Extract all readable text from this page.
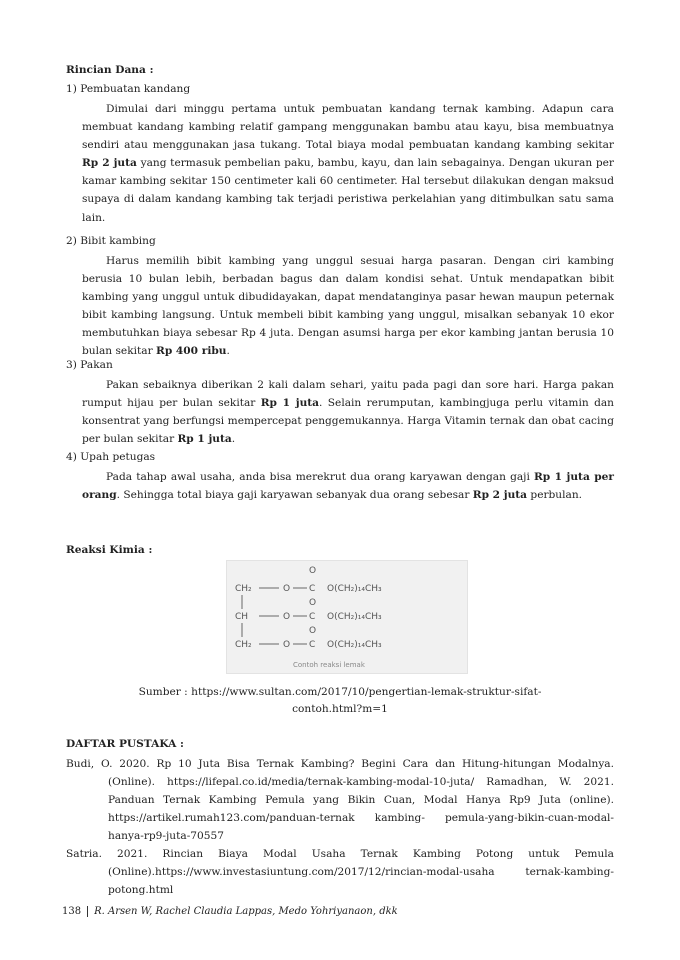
Rincian Dana :
1) Pembuatan kandang
Dimulai dari minggu pertama untuk pembuatan kandang ternak kambing. Adapun cara membuat kandang kambing relatif gampang menggunakan bambu atau kayu, bisa membuatnya sendiri atau menggunakan jasa tukang. Total biaya modal pembuatan kandang kambing sekitar Rp 2 juta yang termasuk pembelian paku, bambu, kayu, dan lain sebagainya. Dengan ukuran per kamar kambing sekitar 150 centimeter kali 60 centimeter. Hal tersebut dilakukan dengan maksud supaya di dalam kandang kambing tak terjadi peristiwa perkelahian yang ditimbulkan satu sama lain.
2) Bibit kambing
Harus memilih bibit kambing yang unggul sesuai harga pasaran. Dengan ciri kambing berusia 10 bulan lebih, berbadan bagus dan dalam kondisi sehat. Untuk mendapatkan bibit kambing yang unggul untuk dibudidayakan, dapat mendatanginya pasar hewan maupun peternak bibit kambing langsung. Untuk membeli bibit kambing yang unggul, misalkan sebanyak 10 ekor membutuhkan biaya sebesar Rp 4 juta. Dengan asumsi harga per ekor kambing jantan berusia 10 bulan sekitar Rp 400 ribu.
3) Pakan
Pakan sebaiknya diberikan 2 kali dalam sehari, yaitu pada pagi dan sore hari. Harga pakan rumput hijau per bulan sekitar Rp 1 juta. Selain rerumputan, kambingjuga perlu vitamin dan konsentrat yang berfungsi mempercepat penggemukannya. Harga Vitamin ternak dan obat cacing per bulan sekitar Rp 1 juta.
4) Upah petugas
Pada tahap awal usaha, anda bisa merekrut dua orang karyawan dengan gaji Rp 1 juta per orang. Sehingga total biaya gaji karyawan sebanyak dua orang sebesar Rp 2 juta perbulan.
Reaksi Kimia :
CH₂
CH
CH₂
O
O
O
C
C
C
O
O
O
O(CH₂)₁₄CH₃
O(CH₂)₁₄CH₃
O(CH₂)₁₄CH₃
Contoh reaksi lemak
Sumber : https://www.sultan.com/2017/10/pengertian-lemak-struktur-sifat-
contoh.html?m=1
DAFTAR PUSTAKA :
Budi, O. 2020. Rp 10 Juta Bisa Ternak Kambing? Begini Cara dan Hitung-hitungan Modalnya. (Online). https://lifepal.co.id/media/ternak-kambing-modal-10-juta/ Ramadhan, W. 2021. Panduan Ternak Kambing Pemula yang Bikin Cuan, Modal Hanya Rp9 Juta (online). https://artikel.rumah123.com/panduan-ternak kambing- pemula-yang-bikin-cuan-modal-hanya-rp9-juta-70557
Satria. 2021. Rincian Biaya Modal Usaha Ternak Kambing Potong untuk Pemula (Online).https://www.investasiuntung.com/2017/12/rincian-modal-usaha ternak-kambing-potong.html
138 R. Arsen W, Rachel Claudia Lappas, Medo Yohriyanaon, dkk
